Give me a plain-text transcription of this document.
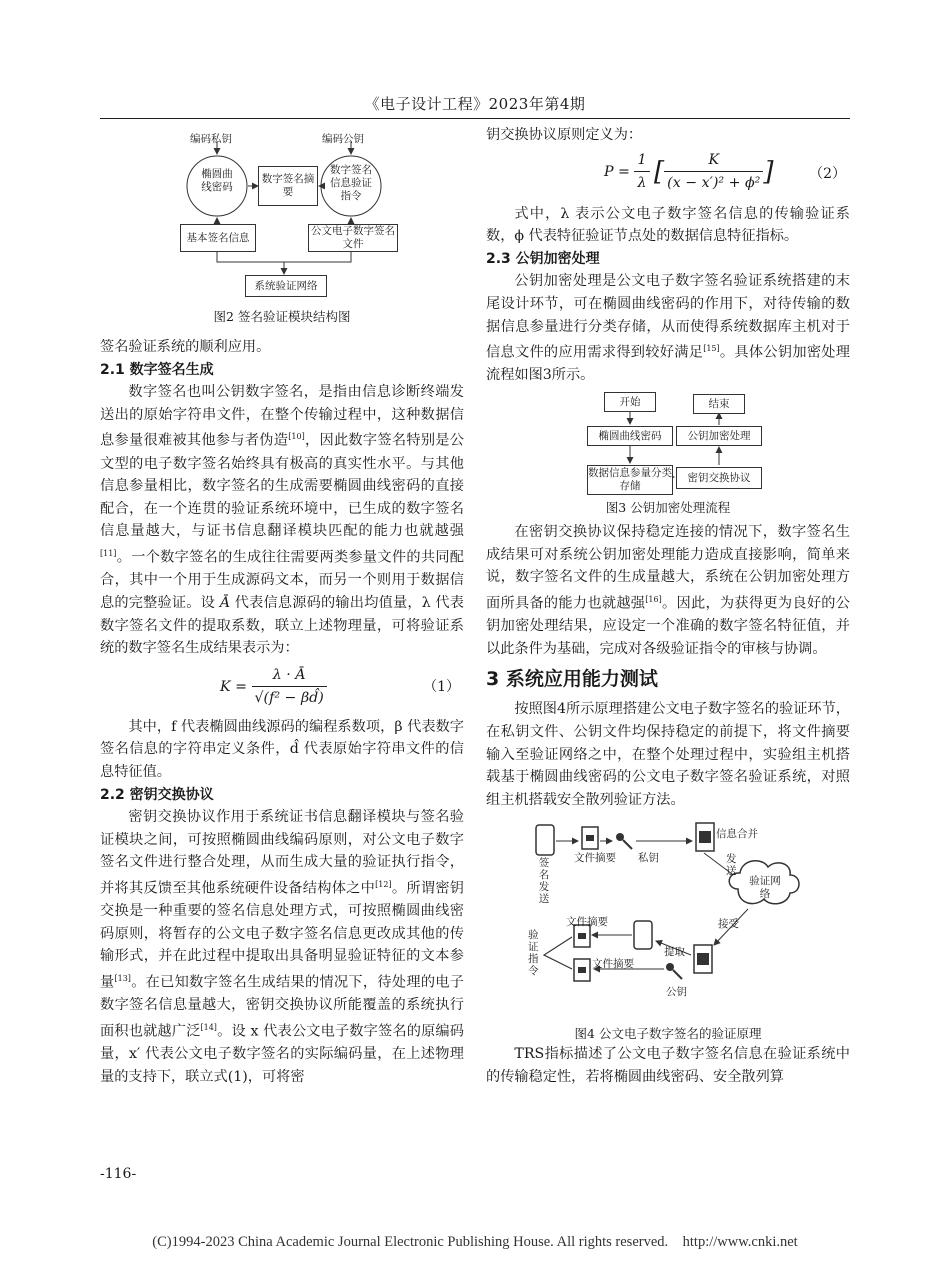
《电子设计工程》2023年第4期
编码私钥	编码公钥
椭圆曲线密码
数字签名摘要
数字签名信息验证指令
基本签名信息
公文电子数字签名文件
系统验证网络
图2 签名验证模块结构图

签名验证系统的顺利应用。

2.1 数字签名生成

数字签名也叫公钥数字签名，是指由信息诊断终端发送出的原始字符串文件，在整个传输过程中，这种数据信息参量很难被其他参与者伪造[10]，因此数字签名特别是公文型的电子数字签名始终具有极高的真实性水平。与其他信息参量相比，数字签名的生成需要椭圆曲线密码的直接配合，在一个连贯的验证系统环境中，已生成的数字签名信息量越大，与证书信息翻译模块匹配的能力也就越强[11]。一个数字签名的生成往往需要两类参量文件的共同配合，其中一个用于生成源码文本，而另一个则用于数据信息的完整验证。设 Ā 代表信息源码的输出均值量，λ 代表数字签名文件的提取系数，联立上述物理量，可将验证系统的数字签名生成结果表示为：

$K = \frac{\lambda \cdot Ā}{\text{√(f² − βd̂)}}$	（1）

其中，f 代表椭圆曲线源码的编程系数项，β 代表数字签名信息的字符串定义条件，d̂ 代表原始字符串文件的信息特征值。

2.2 密钥交换协议

密钥交换协议作用于系统证书信息翻译模块与签名验证模块之间，可按照椭圆曲线编码原则，对公文电子数字签名文件进行整合处理，从而生成大量的验证执行指令，并将其反馈至其他系统硬件设备结构体之中[12]。所谓密钥交换是一种重要的签名信息处理方式，可按照椭圆曲线密码原则，将暂存的公文电子数字签名信息更改成其他的传输形式，并在此过程中提取出具备明显验证特征的文本参量[13]。在已知数字签名生成结果的情况下，待处理的电子数字签名信息量越大，密钥交换协议所能覆盖的系统执行面积也就越广泛[14]。设 x 代表公文电子数字签名的原编码量，x′ 代表公文电子数字签名的实际编码量，在上述物理量的支持下，联立式(1)，可将密

-116-

钥交换协议原则定义为：

$P = \frac{1}{\lambda}$ [ $\frac{K}{\text{(x − x′)² + ϕ²}}$ ]	（2）

式中，λ 表示公文电子数字签名信息的传输验证系数，ϕ 代表特征验证节点处的数据信息特征指标。

2.3 公钥加密处理

公钥加密处理是公文电子数字签名验证系统搭建的末尾设计环节，可在椭圆曲线密码的作用下，对待传输的数据信息参量进行分类存储，从而使得系统数据库主机对于信息文件的应用需求得到较好满足[15]。具体公钥加密处理流程如图3所示。

开始	结束
椭圆曲线密码	公钥加密处理
数据信息参量分类存储
密钥交换协议
图3 公钥加密处理流程

在密钥交换协议保持稳定连接的情况下，数字签名生成结果可对系统公钥加密处理能力造成直接影响，简单来说，数字签名文件的生成量越大，系统在公钥加密处理方面所具备的能力也就越强[16]。因此，为获得更为良好的公钥加密处理结果，应设定一个准确的数字签名特征值，并以此条件为基础，完成对各级验证指令的审核与协调。

3 系统应用能力测试

按照图4所示原理搭建公文电子数字签名的验证环节，在私钥文件、公钥文件均保持稳定的前提下，将文件摘要输入至验证网络之中，在整个处理过程中，实验组主机搭载基于椭圆曲线密码的公文电子数字签名验证系统，对照组主机搭载安全散列验证方法。

签名发送
文件摘要 私钥
信息合并
发送
验证网络
接受
提取
文件摘要
文件摘要
公钥
验证指令
图4 公文电子数字签名的验证原理

TRS指标描述了公文电子数字签名信息在验证系统中的传输稳定性，若将椭圆曲线密码、安全散列算

(C)1994-2023 China Academic Journal Electronic Publishing House. All rights reserved. http://www.cnki.net
